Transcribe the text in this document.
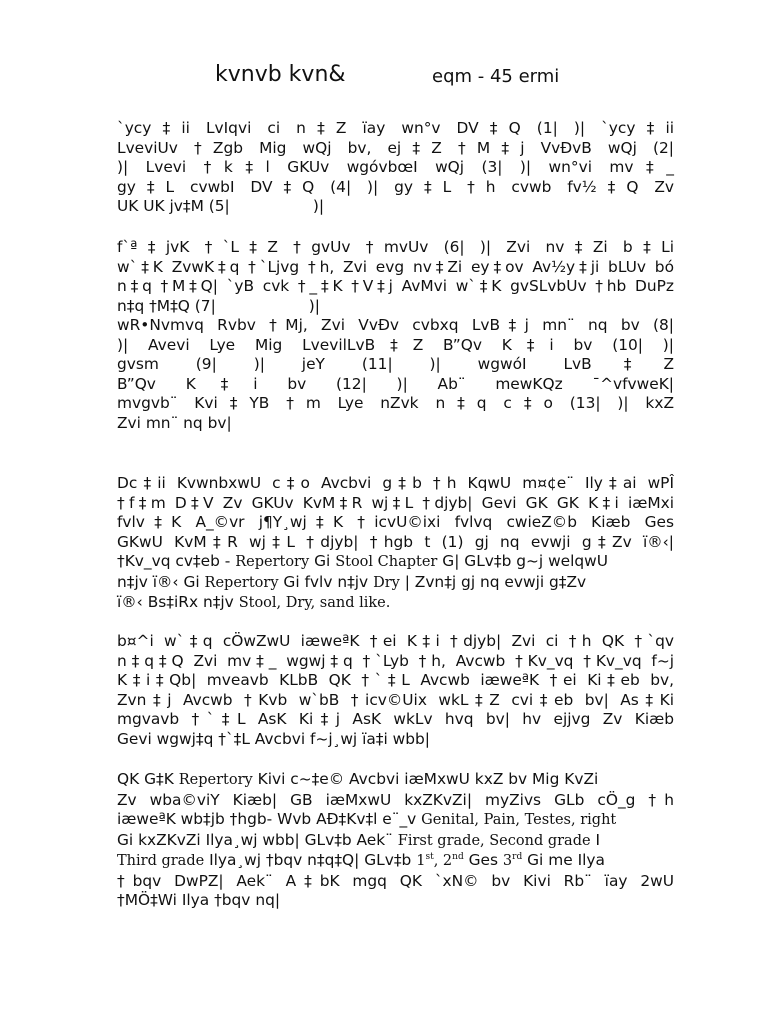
kvnvb kvn&	eqm - 45 ermi
`ycy‡ii LvIqvi ci n‡Z ïay wn°v DV‡Q (1| )| `ycy‡ii
LveviUv †Zgb Mig wQj bv, ej‡Z †M‡j VvÐvB wQj (2|
)| Lvevi †k‡l GKUv wgóvbœI wQj (3| )| wn°vi mv‡_
gy‡L cvwbI DV‡Q (4| )| gy‡L †h cvwb fv½‡Q Zv
UK UK jv‡M (5|                 )|
f`ª‡jvK †`L‡Z †gvUv †mvUv (6| )| Zvi nv‡Zi b‡Li
w`‡K ZvwK‡q †`Ljvg †h, Zvi evg nv‡Zi ey‡ov Av½y‡ji bLUv bó
n‡q †M‡Q| `yB cvk †_‡K †V‡j AvMvi w`‡K gvSLvbUv †hb DuPz
n‡q †M‡Q (7|                   )|
wR•Nvmvq Rvbv †Mj, Zvi VvÐv cvbxq LvB‡j mn¨ nq bv (8|
)| Avevi Lye Mig LvevilLvB‡Z B”Qv K‡i bv (10| )|
gvsm (9| )| jeY (11| )| wgwóI LvB‡Z
B”Qv K‡i bv (12| )| Ab¨ mewKQz ¯^vfvweK|
mvgvb¨ Kvi‡YB †m Lye nZvk n‡q c‡o (13| )| kxZ
Zvi mn¨ nq bv|
Dc‡ii KvwnbxwU c‡o Avcbvi g‡b †h KqwU m¤¢e¨ Ily‡ai wPÎ
†f‡m D‡V Zv GKUv KvM‡R wj‡L †djyb| Gevi GK GK K‡i iæMxi
fvlv‡K A_©vr j¶Y¸wj‡K †icvU©ixi fvlvq cwieZ©b Kiæb Ges
GKwU KvM‡R wj‡L †djyb| †hgb t (1) gj nq evwji g‡Zv ï®‹|
†Kv_vq cv‡eb - Repertory Gi Stool Chapter G| GLv‡b g~j welqwU
n‡jv ï®‹ Gi Repertory Gi fvlv n‡jv Dry | Zvn‡j gj nq evwji g‡Zv
ï®‹ Bs‡iRx n‡jv Stool, Dry, sand like.
b¤^i w`‡q cÖwZwU iæweªK †ei K‡i †djyb| Zvi ci †h QK †`qv
n‡q‡Q Zvi mv‡_ wgwj‡q †`Lyb †h, Avcwb †Kv_vq †Kv_vq f~j
K‡i‡Qb| mveavb KLbB QK †`‡L Avcwb iæweªK †ei Ki‡eb bv,
Zvn‡j Avcwb †Kvb w`bB †icv©Uix wkL‡Z cvi‡eb bv| As‡Ki
mgvavb †`‡L AsK Ki‡j AsK wkLv hvq bv| hv ejjvg Zv Kiæb
Gevi wgwj‡q †`‡L Avcbvi f~j¸wj ïa‡i wbb|
QK G‡K Repertory Kivi c~‡e© Avcbvi iæMxwU kxZ bv Mig KvZi
Zv wba©viY Kiæb| GB iæMxwU kxZKvZi| myZivs GLb cÖ_g †h
iæweªK wb‡jb †hgb- Wvb AÐ‡Kv‡l e¨_v Genital, Pain, Testes, right
Gi kxZKvZi Ilya¸wj wbb| GLv‡b Aek¨ First grade, Second grade I
Third grade Ilya¸wj †bqv n‡q‡Q| GLv‡b 1st, 2nd Ges 3rd Gi me Ilya
†bqv DwPZ| Aek¨ A‡bK mgq QK `xN© bv Kivi Rb¨ ïay 2wU
†MÖ‡Wi Ilya †bqv nq|
